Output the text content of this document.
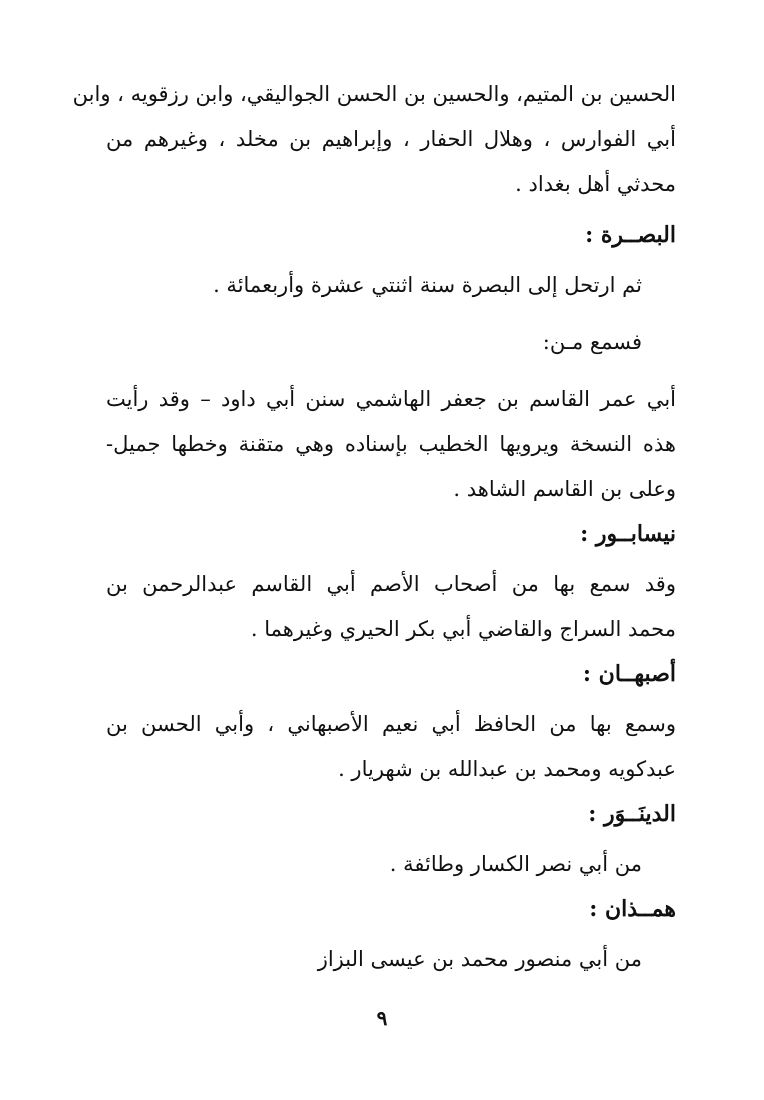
الحسين بن المتيم، والحسين بن الحسن الجواليقي، وابن رزقويه ، وابن
أبي الفوارس ، وهلال الحفار ، وإبراهيم بن مخلد ، وغيرهم من
محدثي أهل بغداد .

البصــرة :

ثم ارتحل إلى البصرة سنة اثنتي عشرة وأربعمائة .

فسمع مـن:

أبي عمر القاسم بن جعفر الهاشمي سنن أبي داود – وقد رأيت
هذه النسخة ويرويها الخطيب بإسناده وهي متقنة وخطها جميل-
وعلى بن القاسم الشاهد .

نيسابــور :

وقد سمع بها من أصحاب الأصم أبي القاسم عبدالرحمن بن
محمد السراج والقاضي أبي بكر الحيري وغيرهما .

أصبهــان :

وسمع بها من الحافظ أبي نعيم الأصبهاني ، وأبي الحسن بن
عبدكويه ومحمد بن عبدالله بن شهريار .

الدينَــوَر :

من أبي نصر الكسار وطائفة .

همــذان :

من أبي منصور محمد بن عيسى البزاز

٩
